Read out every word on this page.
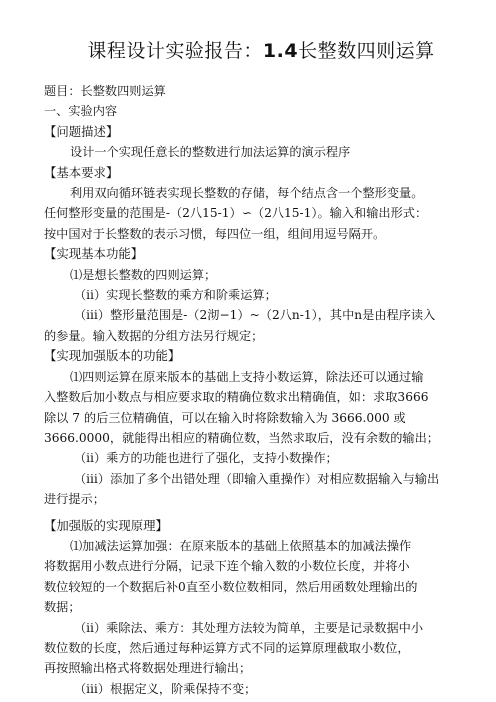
课程设计实验报告：1.4长整数四则运算
题目：长整数四则运算
一、实验内容
【问题描述】
设计一个实现任意长的整数进行加法运算的演示程序
【基本要求】
利用双向循环链表实现长整数的存储，每个结点含一个整形变量。
任何整形变量的范围是-（2八15-1）∽（2八15-1）。输入和输出形式：
按中国对于长整数的表示习惯，每四位一组，组间用逗号隔开。
【实现基本功能】
⑴是想长整数的四则运算；
（ⅱ）实现长整数的乘方和阶乘运算；
（ⅲ）整形量范围是-（2沏−1）~（2八n-1），其中n是由程序读入
的参量。输入数据的分组方法另行规定；
【实现加强版本的功能】
⑴四则运算在原来版本的基础上支持小数运算，除法还可以通过输
入整数后加小数点与相应要求取的精确位数求出精确值，如：求取3666
除以 7 的后三位精确值，可以在输入时将除数输入为 3666.000 或
3666.0000，就能得出相应的精确位数，当然求取后，没有余数的输出；
（ⅱ）乘方的功能也进行了强化，支持小数操作；
（ⅲ）添加了多个出错处理（即输入重操作）对相应数据输入与输出
进行提示；
【加强版的实现原理】
⑴加减法运算加强：在原来版本的基础上依照基本的加减法操作
将数据用小数点进行分隔，记录下连个输入数的小数位长度，并将小
数位较短的一个数据后补0直至小数位数相同，然后用函数处理输出的
数据；
（ⅱ）乘除法、乘方：其处理方法较为简单，主要是记录数据中小
数位数的长度，然后通过每种运算方式不同的运算原理截取小数位，
再按照输出格式将数据处理进行输出；
（ⅲ）根据定义，阶乘保持不变；
